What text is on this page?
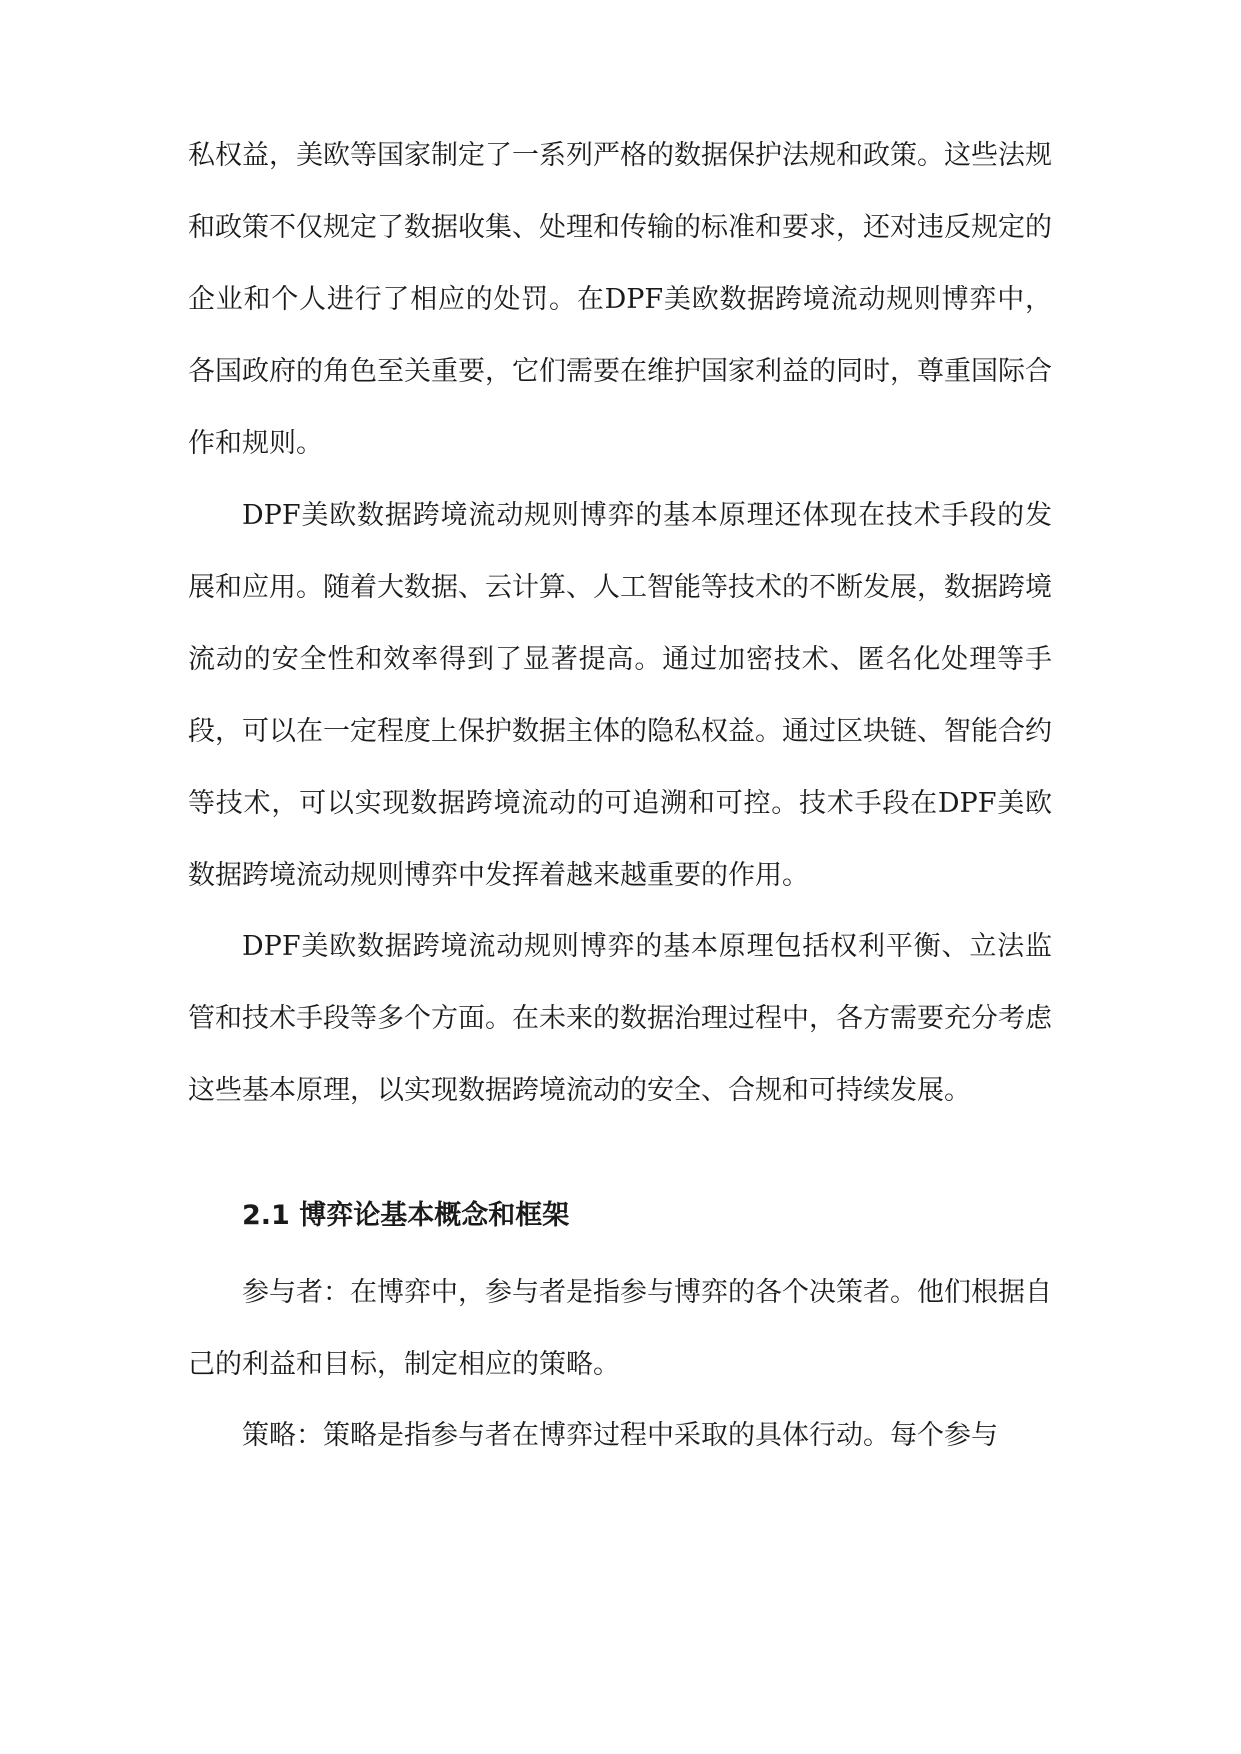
私权益，美欧等国家制定了一系列严格的数据保护法规和政策。这些法规和政策不仅规定了数据收集、处理和传输的标准和要求，还对违反规定的企业和个人进行了相应的处罚。在DPF美欧数据跨境流动规则博弈中，各国政府的角色至关重要，它们需要在维护国家利益的同时，尊重国际合作和规则。

DPF美欧数据跨境流动规则博弈的基本原理还体现在技术手段的发展和应用。随着大数据、云计算、人工智能等技术的不断发展，数据跨境流动的安全性和效率得到了显著提高。通过加密技术、匿名化处理等手段，可以在一定程度上保护数据主体的隐私权益。通过区块链、智能合约等技术，可以实现数据跨境流动的可追溯和可控。技术手段在DPF美欧数据跨境流动规则博弈中发挥着越来越重要的作用。

DPF美欧数据跨境流动规则博弈的基本原理包括权利平衡、立法监管和技术手段等多个方面。在未来的数据治理过程中，各方需要充分考虑这些基本原理，以实现数据跨境流动的安全、合规和可持续发展。

2.1 博弈论基本概念和框架

参与者：在博弈中，参与者是指参与博弈的各个决策者。他们根据自己的利益和目标，制定相应的策略。

策略：策略是指参与者在博弈过程中采取的具体行动。每个参与
